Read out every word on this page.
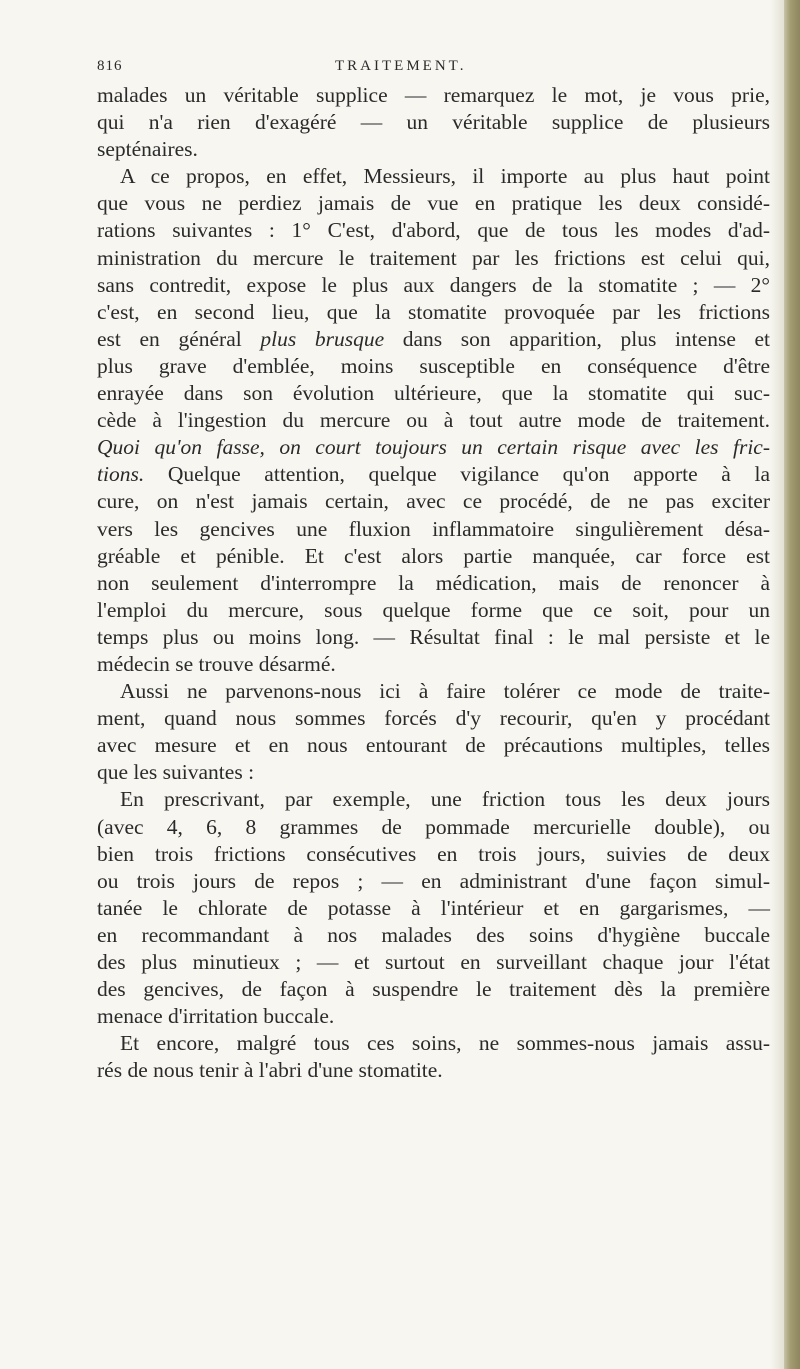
816	TRAITEMENT.
malades un véritable supplice — remarquez le mot, je vous prie,
qui n'a rien d'exagéré — un véritable supplice de plusieurs
septénaires.
A ce propos, en effet, Messieurs, il importe au plus haut point
que vous ne perdiez jamais de vue en pratique les deux considé-
rations suivantes : 1° C'est, d'abord, que de tous les modes d'ad-
ministration du mercure le traitement par les frictions est celui qui,
sans contredit, expose le plus aux dangers de la stomatite ; — 2°
c'est, en second lieu, que la stomatite provoquée par les frictions
est en général plus brusque dans son apparition, plus intense et
plus grave d'emblée, moins susceptible en conséquence d'être
enrayée dans son évolution ultérieure, que la stomatite qui suc-
cède à l'ingestion du mercure ou à tout autre mode de traitement.
Quoi qu'on fasse, on court toujours un certain risque avec les fric-
tions. Quelque attention, quelque vigilance qu'on apporte à la
cure, on n'est jamais certain, avec ce procédé, de ne pas exciter
vers les gencives une fluxion inflammatoire singulièrement désa-
gréable et pénible. Et c'est alors partie manquée, car force est
non seulement d'interrompre la médication, mais de renoncer à
l'emploi du mercure, sous quelque forme que ce soit, pour un
temps plus ou moins long. — Résultat final : le mal persiste et le
médecin se trouve désarmé.
Aussi ne parvenons-nous ici à faire tolérer ce mode de traite-
ment, quand nous sommes forcés d'y recourir, qu'en y procédant
avec mesure et en nous entourant de précautions multiples, telles
que les suivantes :
En prescrivant, par exemple, une friction tous les deux jours
(avec 4, 6, 8 grammes de pommade mercurielle double), ou
bien trois frictions consécutives en trois jours, suivies de deux
ou trois jours de repos ; — en administrant d'une façon simul-
tanée le chlorate de potasse à l'intérieur et en gargarismes, —
en recommandant à nos malades des soins d'hygiène buccale
des plus minutieux ; — et surtout en surveillant chaque jour l'état
des gencives, de façon à suspendre le traitement dès la première
menace d'irritation buccale.
Et encore, malgré tous ces soins, ne sommes-nous jamais assu-
rés de nous tenir à l'abri d'une stomatite.
